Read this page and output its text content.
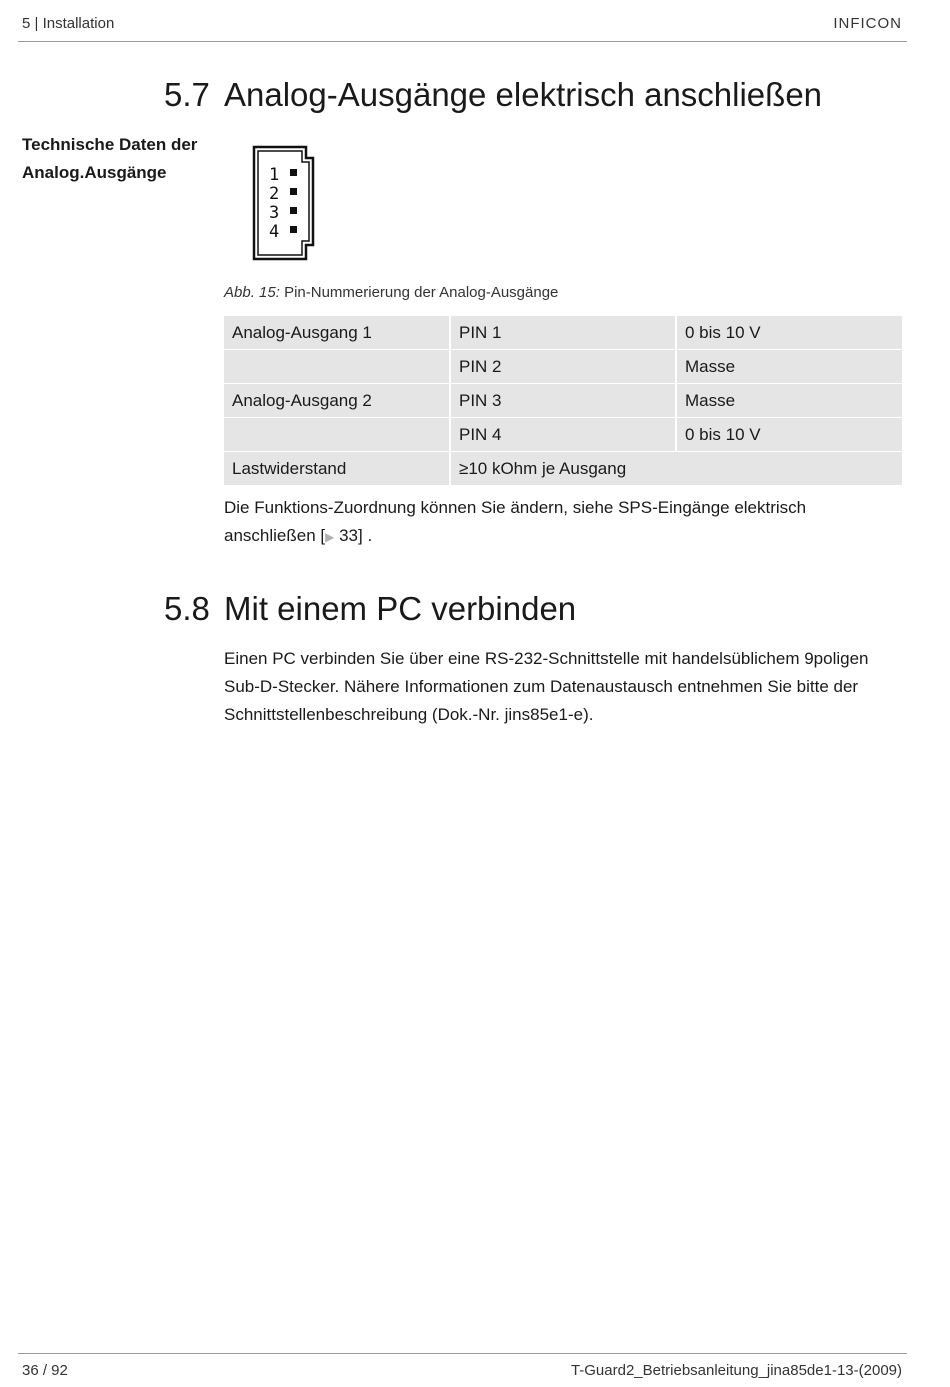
5 | Installation	INFICON
5.7 Analog-Ausgänge elektrisch anschließen
Technische Daten der
Analog.Ausgänge	1
2
3
4
Abb. 15: Pin-Nummerierung der Analog-Ausgänge
Analog-Ausgang 1	PIN 1	0 bis 10 V
	PIN 2	Masse
Analog-Ausgang 2	PIN 3	Masse
	PIN 4	0 bis 10 V
Lastwiderstand	≥10 kOhm je Ausgang	
Die Funktions-Zuordnung können Sie ändern, siehe SPS-Eingänge elektrisch
anschließen [▶ 33] .
5.8 Mit einem PC verbinden
Einen PC verbinden Sie über eine RS-232-Schnittstelle mit handelsüblichem 9poligen
Sub-D-Stecker. Nähere Informationen zum Datenaustausch entnehmen Sie bitte der
Schnittstellenbeschreibung (Dok.-Nr. jins85e1-e).
36 / 92	T-Guard2_Betriebsanleitung_jina85de1-13-(2009)
